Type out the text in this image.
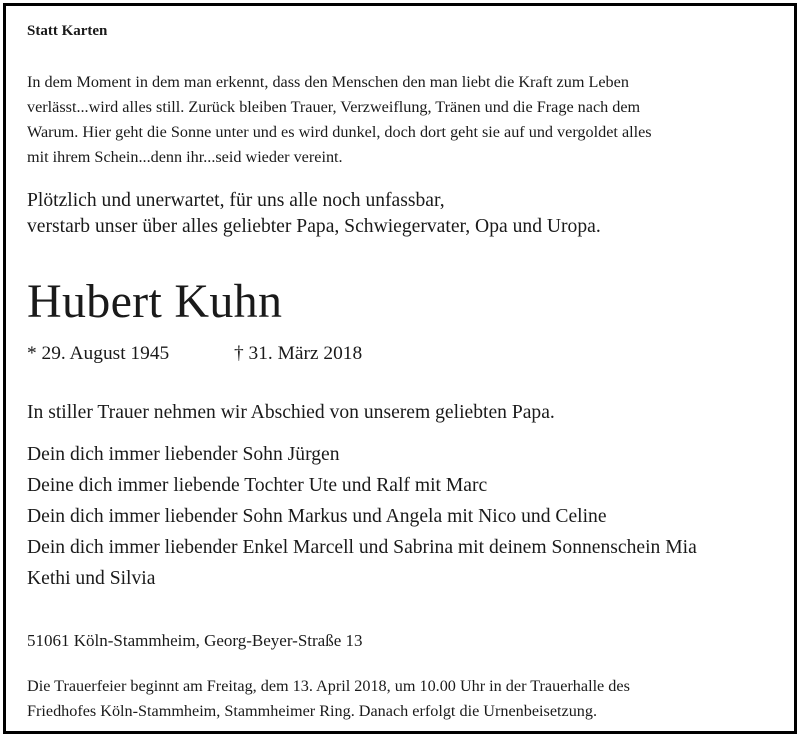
Statt Karten
In dem Moment in dem man erkennt, dass den Menschen den man liebt die Kraft zum Leben
verlässt...wird alles still. Zurück bleiben Trauer, Verzweiflung, Tränen und die Frage nach dem
Warum. Hier geht die Sonne unter und es wird dunkel, doch dort geht sie auf und vergoldet alles
mit ihrem Schein...denn ihr...seid wieder vereint.
Plötzlich und unerwartet, für uns alle noch unfassbar,
verstarb unser über alles geliebter Papa, Schwiegervater, Opa und Uropa.
Hubert Kuhn
* 29. August 1945	† 31. März 2018
In stiller Trauer nehmen wir Abschied von unserem geliebten Papa.
Dein dich immer liebender Sohn Jürgen
Deine dich immer liebende Tochter Ute und Ralf mit Marc
Dein dich immer liebender Sohn Markus und Angela mit Nico und Celine
Dein dich immer liebender Enkel Marcell und Sabrina mit deinem Sonnenschein Mia
Kethi und Silvia
51061 Köln-Stammheim, Georg-Beyer-Straße 13
Die Trauerfeier beginnt am Freitag, dem 13. April 2018, um 10.00 Uhr in der Trauerhalle des
Friedhofes Köln-Stammheim, Stammheimer Ring. Danach erfolgt die Urnenbeisetzung.
